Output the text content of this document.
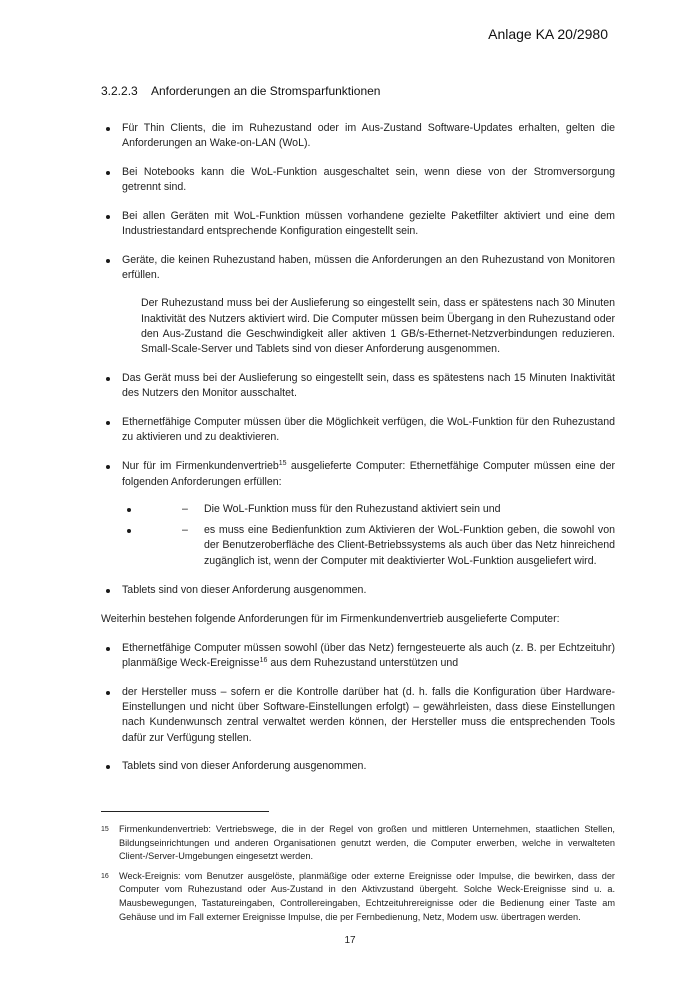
Anlage KA 20/2980
3.2.2.3	Anforderungen an die Stromsparfunktionen
Für Thin Clients, die im Ruhezustand oder im Aus-Zustand Software-Updates erhalten, gelten die Anforderungen an Wake-on-LAN (WoL).
Bei Notebooks kann die WoL-Funktion ausgeschaltet sein, wenn diese von der Stromversorgung getrennt sind.
Bei allen Geräten mit WoL-Funktion müssen vorhandene gezielte Paketfilter aktiviert und eine dem Industriestandard entsprechende Konfiguration eingestellt sein.
Geräte, die keinen Ruhezustand haben, müssen die Anforderungen an den Ruhezustand von Monitoren erfüllen.

Der Ruhezustand muss bei der Auslieferung so eingestellt sein, dass er spätestens nach 30 Minuten Inaktivität des Nutzers aktiviert wird. Die Computer müssen beim Übergang in den Ruhezustand oder den Aus-Zustand die Geschwindigkeit aller aktiven 1 GB/s-Ethernet-Netzverbindungen reduzieren. Small-Scale-Server und Tablets sind von dieser Anforderung ausgenommen.

Das Gerät muss bei der Auslieferung so eingestellt sein, dass es spätestens nach 15 Minuten Inaktivität des Nutzers den Monitor ausschaltet.
Ethernetfähige Computer müssen über die Möglichkeit verfügen, die WoL-Funktion für den Ruhezustand zu aktivieren und zu deaktivieren.
Nur für im Firmenkundenvertrieb$^{15}$ ausgelieferte Computer: Ethernetfähige Computer müssen eine der folgenden Anforderungen erfüllen:
– Die WoL-Funktion muss für den Ruhezustand aktiviert sein und
– es muss eine Bedienfunktion zum Aktivieren der WoL-Funktion geben, die sowohl von der Benutzeroberfläche des Client-Betriebssystems als auch über das Netz hinreichend zugänglich ist, wenn der Computer mit deaktivierter WoL-Funktion ausgeliefert wird.
Tablets sind von dieser Anforderung ausgenommen.

Weiterhin bestehen folgende Anforderungen für im Firmenkundenvertrieb ausgelieferte Computer:

Ethernetfähige Computer müssen sowohl (über das Netz) ferngesteuerte als auch (z. B. per Echtzeituhr) planmäßige Weck-Ereignisse$^{16}$ aus dem Ruhezustand unterstützen und
der Hersteller muss – sofern er die Kontrolle darüber hat (d. h. falls die Konfiguration über Hardware-Einstellungen und nicht über Software-Einstellungen erfolgt) – gewährleisten, dass diese Einstellungen nach Kundenwunsch zentral verwaltet werden können, der Hersteller muss die entsprechenden Tools dafür zur Verfügung stellen.
Tablets sind von dieser Anforderung ausgenommen.
15	Firmenkundenvertrieb: Vertriebswege, die in der Regel von großen und mittleren Unternehmen, staatlichen Stellen, Bildungseinrichtungen und anderen Organisationen genutzt werden, die Computer erwerben, welche in verwalteten Client-/Server-Umgebungen eingesetzt werden.
16	Weck-Ereignis: vom Benutzer ausgelöste, planmäßige oder externe Ereignisse oder Impulse, die bewirken, dass der Computer vom Ruhezustand oder Aus-Zustand in den Aktivzustand übergeht. Solche Weck-Ereignisse sind u. a. Mausbewegungen, Tastatureingaben, Controllereingaben, Echtzeituhrereignisse oder die Bedienung einer Taste am Gehäuse und im Fall externer Ereignisse Impulse, die per Fernbedienung, Netz, Modem usw. übertragen werden.
17
